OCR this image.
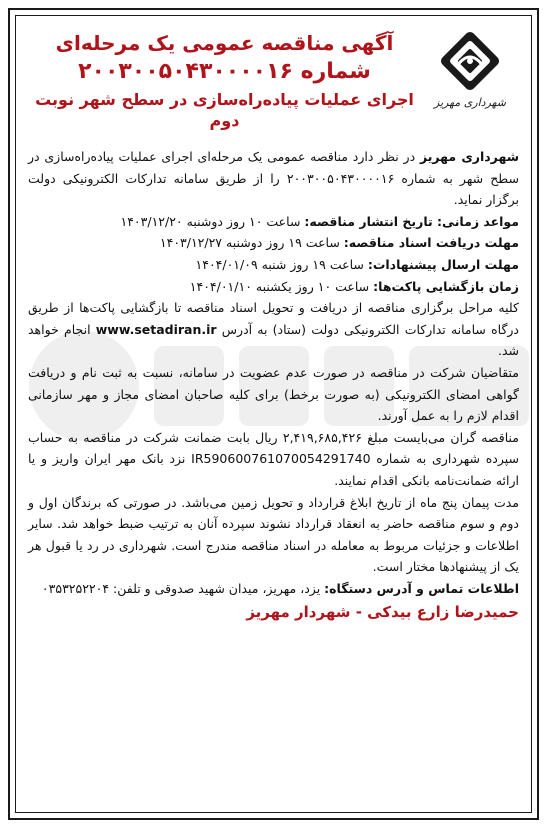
شهرداری مهریز
آگهی مناقصه عمومی یک مرحله‌ای
شماره ۲۰۰۳۰۰۵۰۴۳۰۰۰۰۱۶
اجرای عملیات پیاده‌راه‌سازی در سطح شهر نوبت دوم

شهرداری مهریز در نظر دارد مناقصه عمومی یک مرحله‌ای اجرای عملیات پیاده‌راه‌سازی در سطح شهر به شماره ۲۰۰۳۰۰۵۰۴۳۰۰۰۰۱۶ را از طریق سامانه تدارکات الکترونیکی دولت برگزار نماید.

مواعد زمانی: تاریخ انتشار مناقصه: ساعت ۱۰ روز دوشنبه ۱۴۰۳/۱۲/۲۰

مهلت دریافت اسناد مناقصه: ساعت ۱۹ روز دوشنبه ۱۴۰۳/۱۲/۲۷

مهلت ارسال پیشنهادات: ساعت ۱۹ روز شنبه ۱۴۰۴/۰۱/۰۹

زمان بازگشایی پاکت‌ها: ساعت ۱۰ روز یکشنبه ۱۴۰۴/۰۱/۱۰

کلیه مراحل برگزاری مناقصه از دریافت و تحویل اسناد مناقصه تا بازگشایی پاکت‌ها از طریق درگاه سامانه تدارکات الکترونیکی دولت (ستاد) به آدرس www.setadiran.ir انجام خواهد شد.

متقاضیان شرکت در مناقصه در صورت عدم عضویت در سامانه، نسبت به ثبت نام و دریافت گواهی امضای الکترونیکی (به صورت برخط) برای کلیه صاحبان امضای مجاز و مهر سازمانی اقدام لازم را به عمل آورند.

مناقصه گران می‌بایست مبلغ ۲,۴۱۹,۶۸۵,۴۲۶ ریال بابت ضمانت شرکت در مناقصه به حساب سپرده شهرداری به شماره IR590600761070054291740 نزد بانک مهر ایران واریز و یا ارائه ضمانت‌نامه بانکی اقدام نمایند.

مدت پیمان پنج ماه از تاریخ ابلاغ قرارداد و تحویل زمین می‌باشد. در صورتی که برندگان اول و دوم و سوم مناقصه حاضر به انعقاد قرارداد نشوند سپرده آنان به ترتیب ضبط خواهد شد. سایر اطلاعات و جزئیات مربوط به معامله در اسناد مناقصه مندرج است. شهرداری در رد یا قبول هر یک از پیشنهادها مختار است.

اطلاعات تماس و آدرس دستگاه: یزد، مهریز، میدان شهید صدوقی و تلفن: ۰۳۵۳۲۵۲۲۰۴

حمیدرضا زارع بیدکی - شهردار مهریز
